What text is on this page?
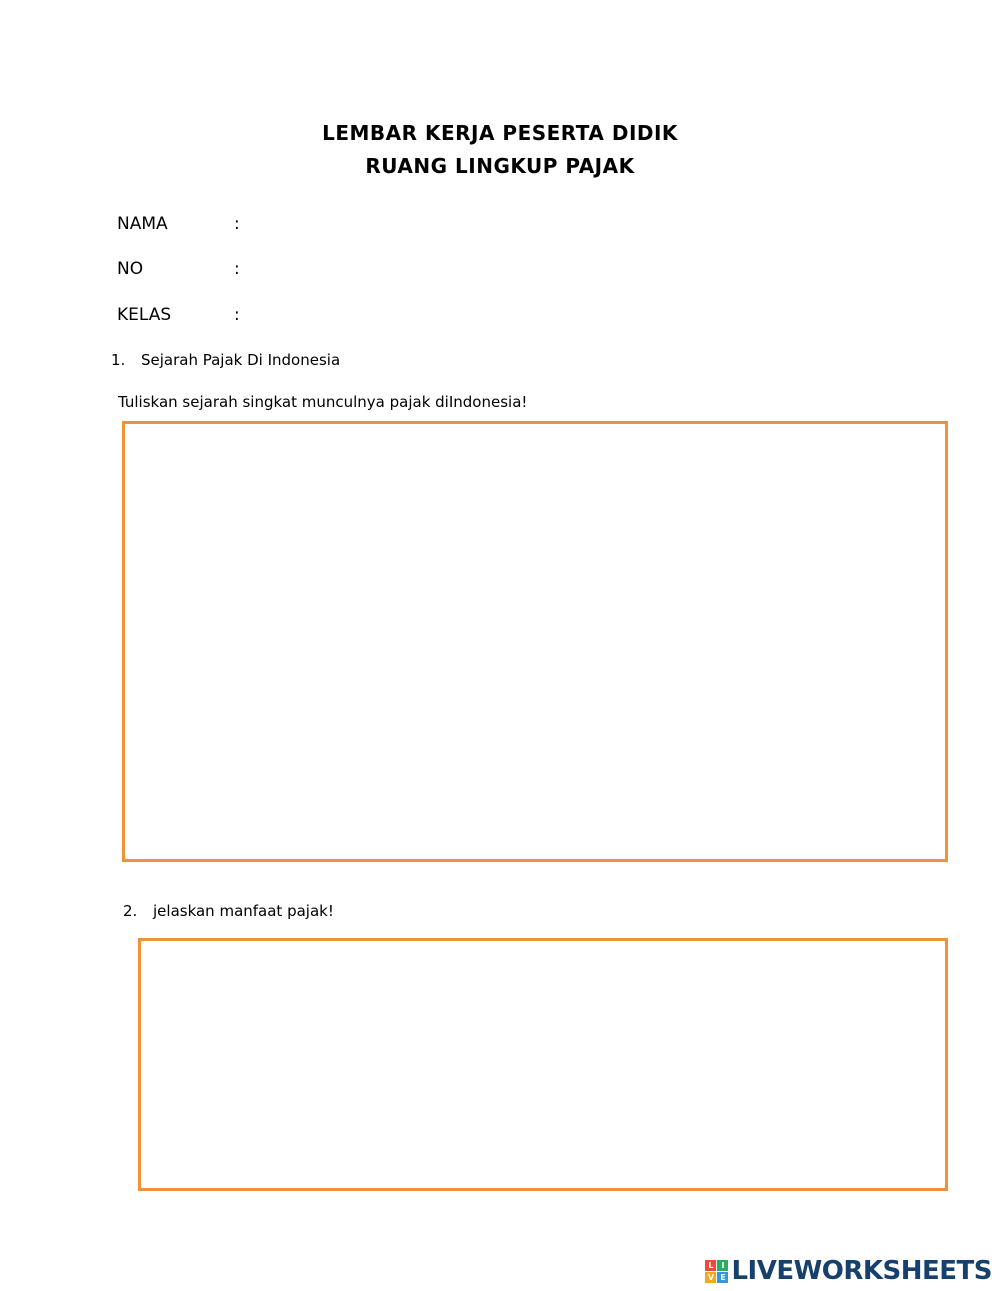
LEMBAR KERJA PESERTA DIDIK
RUANG LINGKUP PAJAK
NAMA	:
NO	:
KELAS	:
1. Sejarah Pajak Di Indonesia
Tuliskan sejarah singkat munculnya pajak diIndonesia!
2. jelaskan manfaat pajak!
L I
V E LIVEWORKSHEETS
